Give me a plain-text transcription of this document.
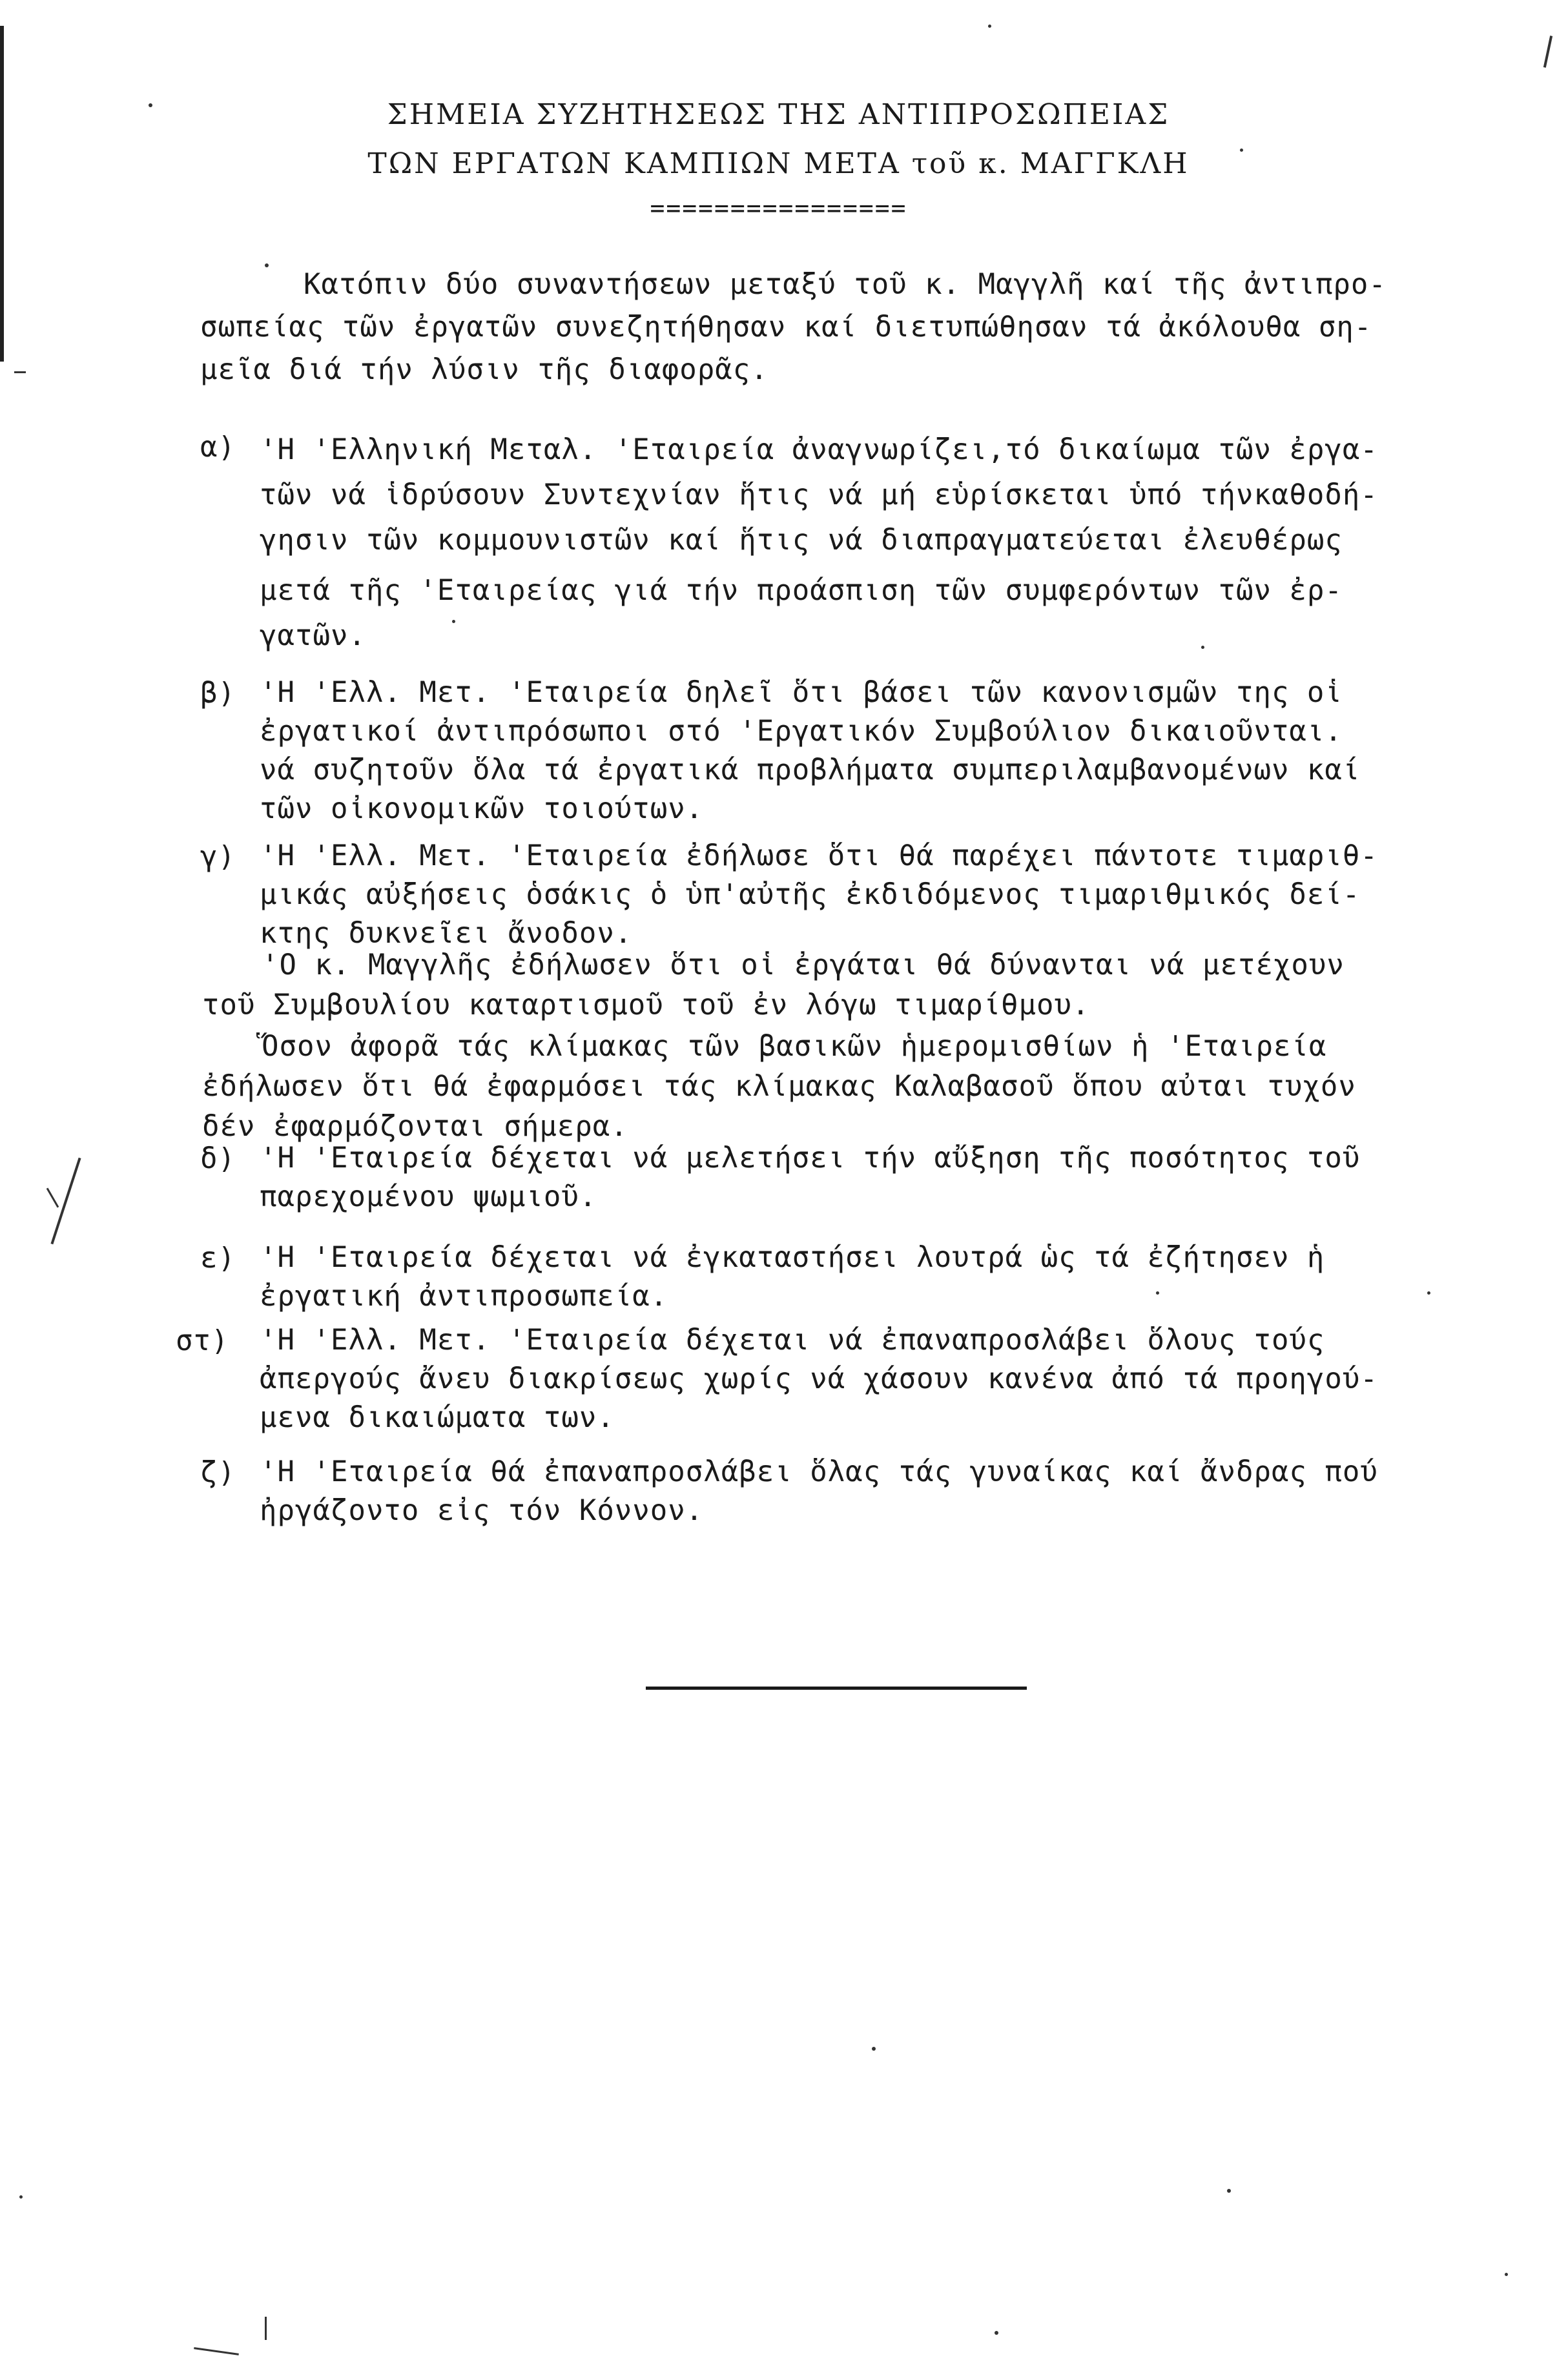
ΣΗΜΕΙΑ ΣΥΖΗΤΗΣΕΩΣ ΤΗΣ ΑΝΤΙΠΡΟΣΩΠΕΙΑΣ
ΤΩΝ ΕΡΓΑΤΩΝ ΚΑΜΠΙΩΝ ΜΕΤΑ τοῦ κ. ΜΑΓΓΚΛΗ
================
Κατόπιν δύο συναντήσεων μεταξύ τοῦ κ. Μαγγλῆ καί τῆς ἀντιπρο-
σωπείας τῶν ἐργατῶν συνεζητήθησαν καί διετυπώθησαν τά ἀκόλουθα ση-
μεῖα διά τήν λύσιν τῆς διαφορᾶς.
α) 'Η 'Ελληνική Μεταλ. 'Εταιρεία ἀναγνωρίζει,τό δικαίωμα τῶν ἐργα-
τῶν νά ἱδρύσουν Συντεχνίαν ἥτις νά μή εὑρίσκεται ὑπό τήνκαθοδή-
γησιν τῶν κομμουνιστῶν καί ἥτις νά διαπραγματεύεται ἐλευθέρως
μετά τῆς 'Εταιρείας γιά τήν προάσπιση τῶν συμφερόντων τῶν ἐρ-
γατῶν.
β) 'Η 'Ελλ. Μετ. 'Εταιρεία δηλεῖ ὅτι βάσει τῶν κανονισμῶν της οἱ
ἐργατικοί ἀντιπρόσωποι στό 'Εργατικόν Συμβούλιον δικαιοῦνται.
νά συζητοῦν ὅλα τά ἐργατικά προβλήματα συμπεριλαμβανομένων καί
τῶν οἰκονομικῶν τοιούτων.
γ) 'Η 'Ελλ. Μετ. 'Εταιρεία ἐδήλωσε ὅτι θά παρέχει πάντοτε τιμαριθ-
μικάς αὐξήσεις ὁσάκις ὁ ὑπ'αὐτῆς ἐκδιδόμενος τιμαριθμικός δεί-
κτης δυκνεῖει ἄνοδον.
'Ο κ. Μαγγλῆς ἐδήλωσεν ὅτι οἱ ἐργάται θά δύνανται νά μετέχουν
τοῦ Συμβουλίου καταρτισμοῦ τοῦ ἐν λόγω τιμαρίθμου.
Ὅσον ἀφορᾶ τάς κλίμακας τῶν βασικῶν ἡμερομισθίων ἡ 'Εταιρεία
ἐδήλωσεν ὅτι θά ἐφαρμόσει τάς κλίμακας Καλαβασοῦ ὅπου αὐται τυχόν
δέν ἐφαρμόζονται σήμερα.
δ) 'Η 'Εταιρεία δέχεται νά μελετήσει τήν αὔξηση τῆς ποσότητος τοῦ
παρεχομένου ψωμιοῦ.
ε) 'Η 'Εταιρεία δέχεται νά ἐγκαταστήσει λουτρά ὡς τά ἐζήτησεν ἡ
ἐργατική ἀντιπροσωπεία.
στ) 'Η 'Ελλ. Μετ. 'Εταιρεία δέχεται νά ἐπαναπροσλάβει ὅλους τούς
ἀπεργούς ἄνευ διακρίσεως χωρίς νά χάσουν κανένα ἀπό τά προηγού-
μενα δικαιώματα των.
ζ) 'Η 'Εταιρεία θά ἐπαναπροσλάβει ὅλας τάς γυναίκας καί ἄνδρας πού
ἠργάζοντο εἰς τόν Κόννον.
